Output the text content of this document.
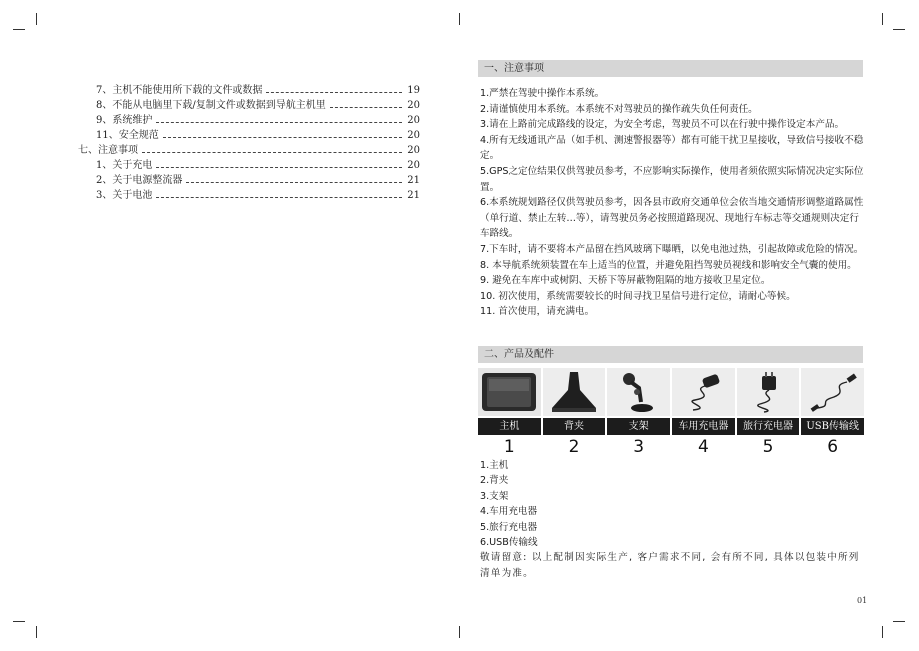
7、主机不能使用所下载的文件或数据	19
8、不能从电脑里下载/复制文件或数据到导航主机里	20
9、系统维护	20
11、安全规范	20
七、注意事项	20
1、关于充电	20
2、关于电源整流器	21
3、关于电池	21
一、注意事项

1.严禁在驾驶中操作本系统。

2.请谨慎使用本系统。本系统不对驾驶员的操作疏失负任何责任。

3.请在上路前完成路线的设定，为安全考虑，驾驶员不可以在行驶中操作设定本产品。

4.所有无线通讯产品（如手机、测速警报器等）都有可能干扰卫星接收，导致信号接收不稳定。

5.GPS之定位结果仅供驾驶员参考，不应影响实际操作，使用者须依照实际情况决定实际位置。

6.本系统规划路径仅供驾驶员参考，因各县市政府交通单位会依当地交通情形调整道路属性（单行道、禁止左转…等），请驾驶员务必按照道路现况、现地行车标志等交通规则决定行车路线。

7.下车时，请不要将本产品留在挡风玻璃下曝晒，以免电池过热，引起故障或危险的情况。

8. 本导航系统须装置在车上适当的位置，并避免阻挡驾驶员视线和影响安全气囊的使用。

9. 避免在车库中或树阴、天桥下等屏蔽物阻隔的地方接收卫星定位。

10. 初次使用，系统需要较长的时间寻找卫星信号进行定位，请耐心等候。

11. 首次使用，请充满电。

二、产品及配件
主机	背夹	支架	车用充电器	旅行充电器	USB传输线
1	2	3	4	5	6

1.主机

2.背夹

3.支架

4.车用充电器

5.旅行充电器

6.USB传输线

敬请留意: 以上配制因实际生产, 客户需求不同, 会有所不同, 具体以包装中所列清单为准。

01
